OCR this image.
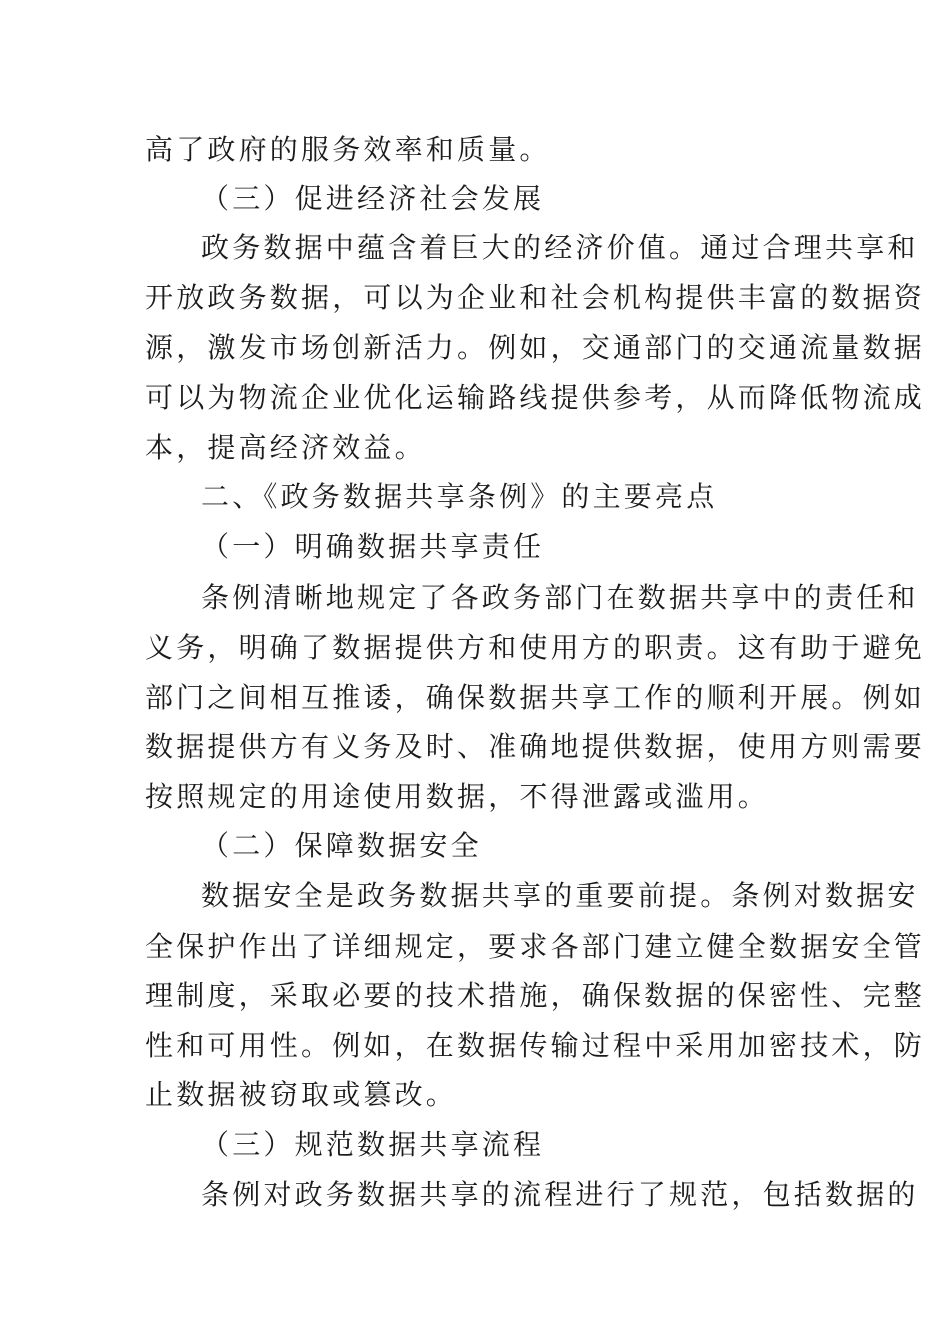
高了政府的服务效率和质量。
（三）促进经济社会发展
政务数据中蕴含着巨大的经济价值。通过合理共享和
开放政务数据，可以为企业和社会机构提供丰富的数据资
源，激发市场创新活力。例如，交通部门的交通流量数据
可以为物流企业优化运输路线提供参考，从而降低物流成
本，提高经济效益。
二、《政务数据共享条例》的主要亮点
（一）明确数据共享责任
条例清晰地规定了各政务部门在数据共享中的责任和
义务，明确了数据提供方和使用方的职责。这有助于避免
部门之间相互推诿，确保数据共享工作的顺利开展。例如
数据提供方有义务及时、准确地提供数据，使用方则需要
按照规定的用途使用数据，不得泄露或滥用。
（二）保障数据安全
数据安全是政务数据共享的重要前提。条例对数据安
全保护作出了详细规定，要求各部门建立健全数据安全管
理制度，采取必要的技术措施，确保数据的保密性、完整
性和可用性。例如，在数据传输过程中采用加密技术，防
止数据被窃取或篡改。
（三）规范数据共享流程
条例对政务数据共享的流程进行了规范，包括数据的
